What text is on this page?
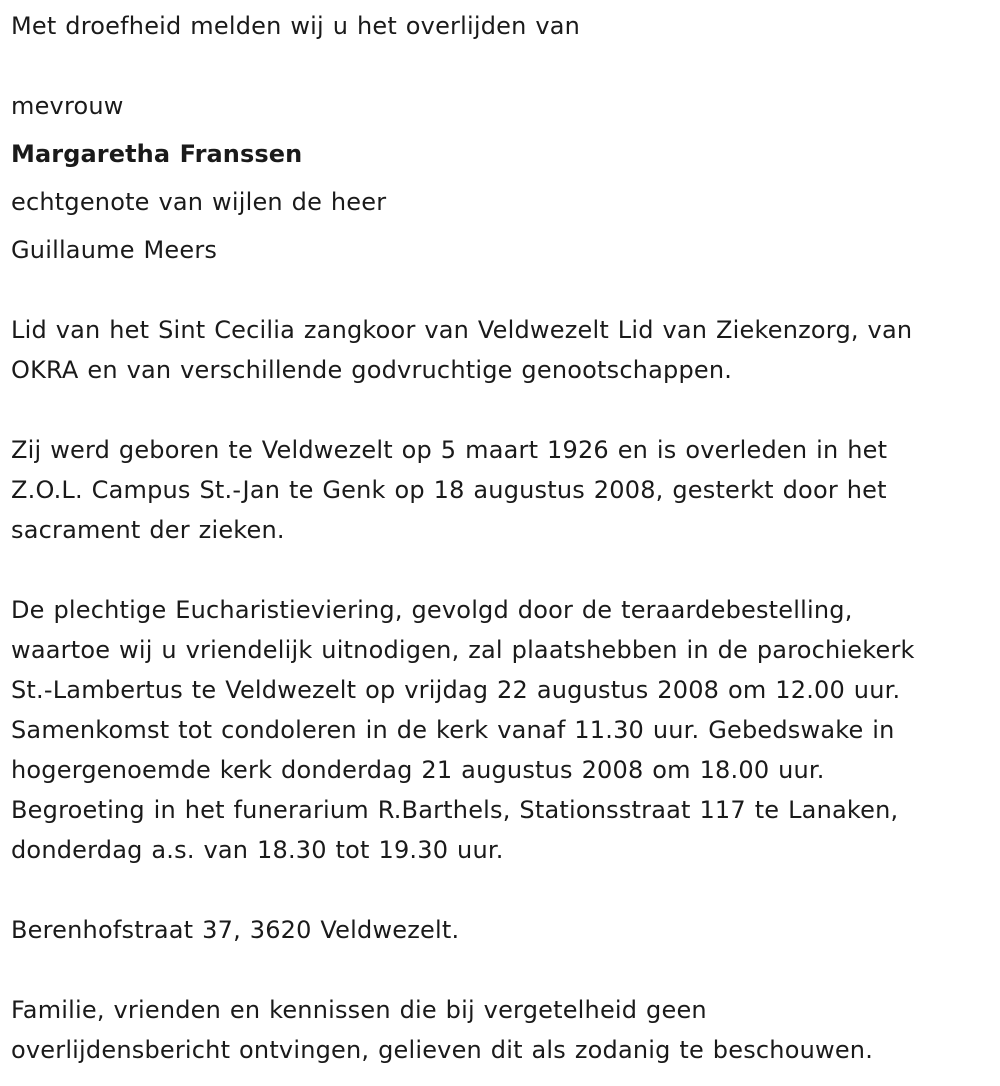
Met droefheid melden wij u het overlijden van
mevrouw
Margaretha Franssen
echtgenote van wijlen de heer
Guillaume Meers
Lid van het Sint Cecilia zangkoor van Veldwezelt Lid van Ziekenzorg, van
OKRA en van verschillende godvruchtige genootschappen.
Zij werd geboren te Veldwezelt op 5 maart 1926 en is overleden in het
Z.O.L. Campus St.-Jan te Genk op 18 augustus 2008, gesterkt door het
sacrament der zieken.
De plechtige Eucharistieviering, gevolgd door de teraardebestelling,
waartoe wij u vriendelijk uitnodigen, zal plaatshebben in de parochiekerk
St.-Lambertus te Veldwezelt op vrijdag 22 augustus 2008 om 12.00 uur.
Samenkomst tot condoleren in de kerk vanaf 11.30 uur. Gebedswake in
hogergenoemde kerk donderdag 21 augustus 2008 om 18.00 uur.
Begroeting in het funerarium R.Barthels, Stationsstraat 117 te Lanaken,
donderdag a.s. van 18.30 tot 19.30 uur.
Berenhofstraat 37, 3620 Veldwezelt.
Familie, vrienden en kennissen die bij vergetelheid geen
overlijdensbericht ontvingen, gelieven dit als zodanig te beschouwen.
